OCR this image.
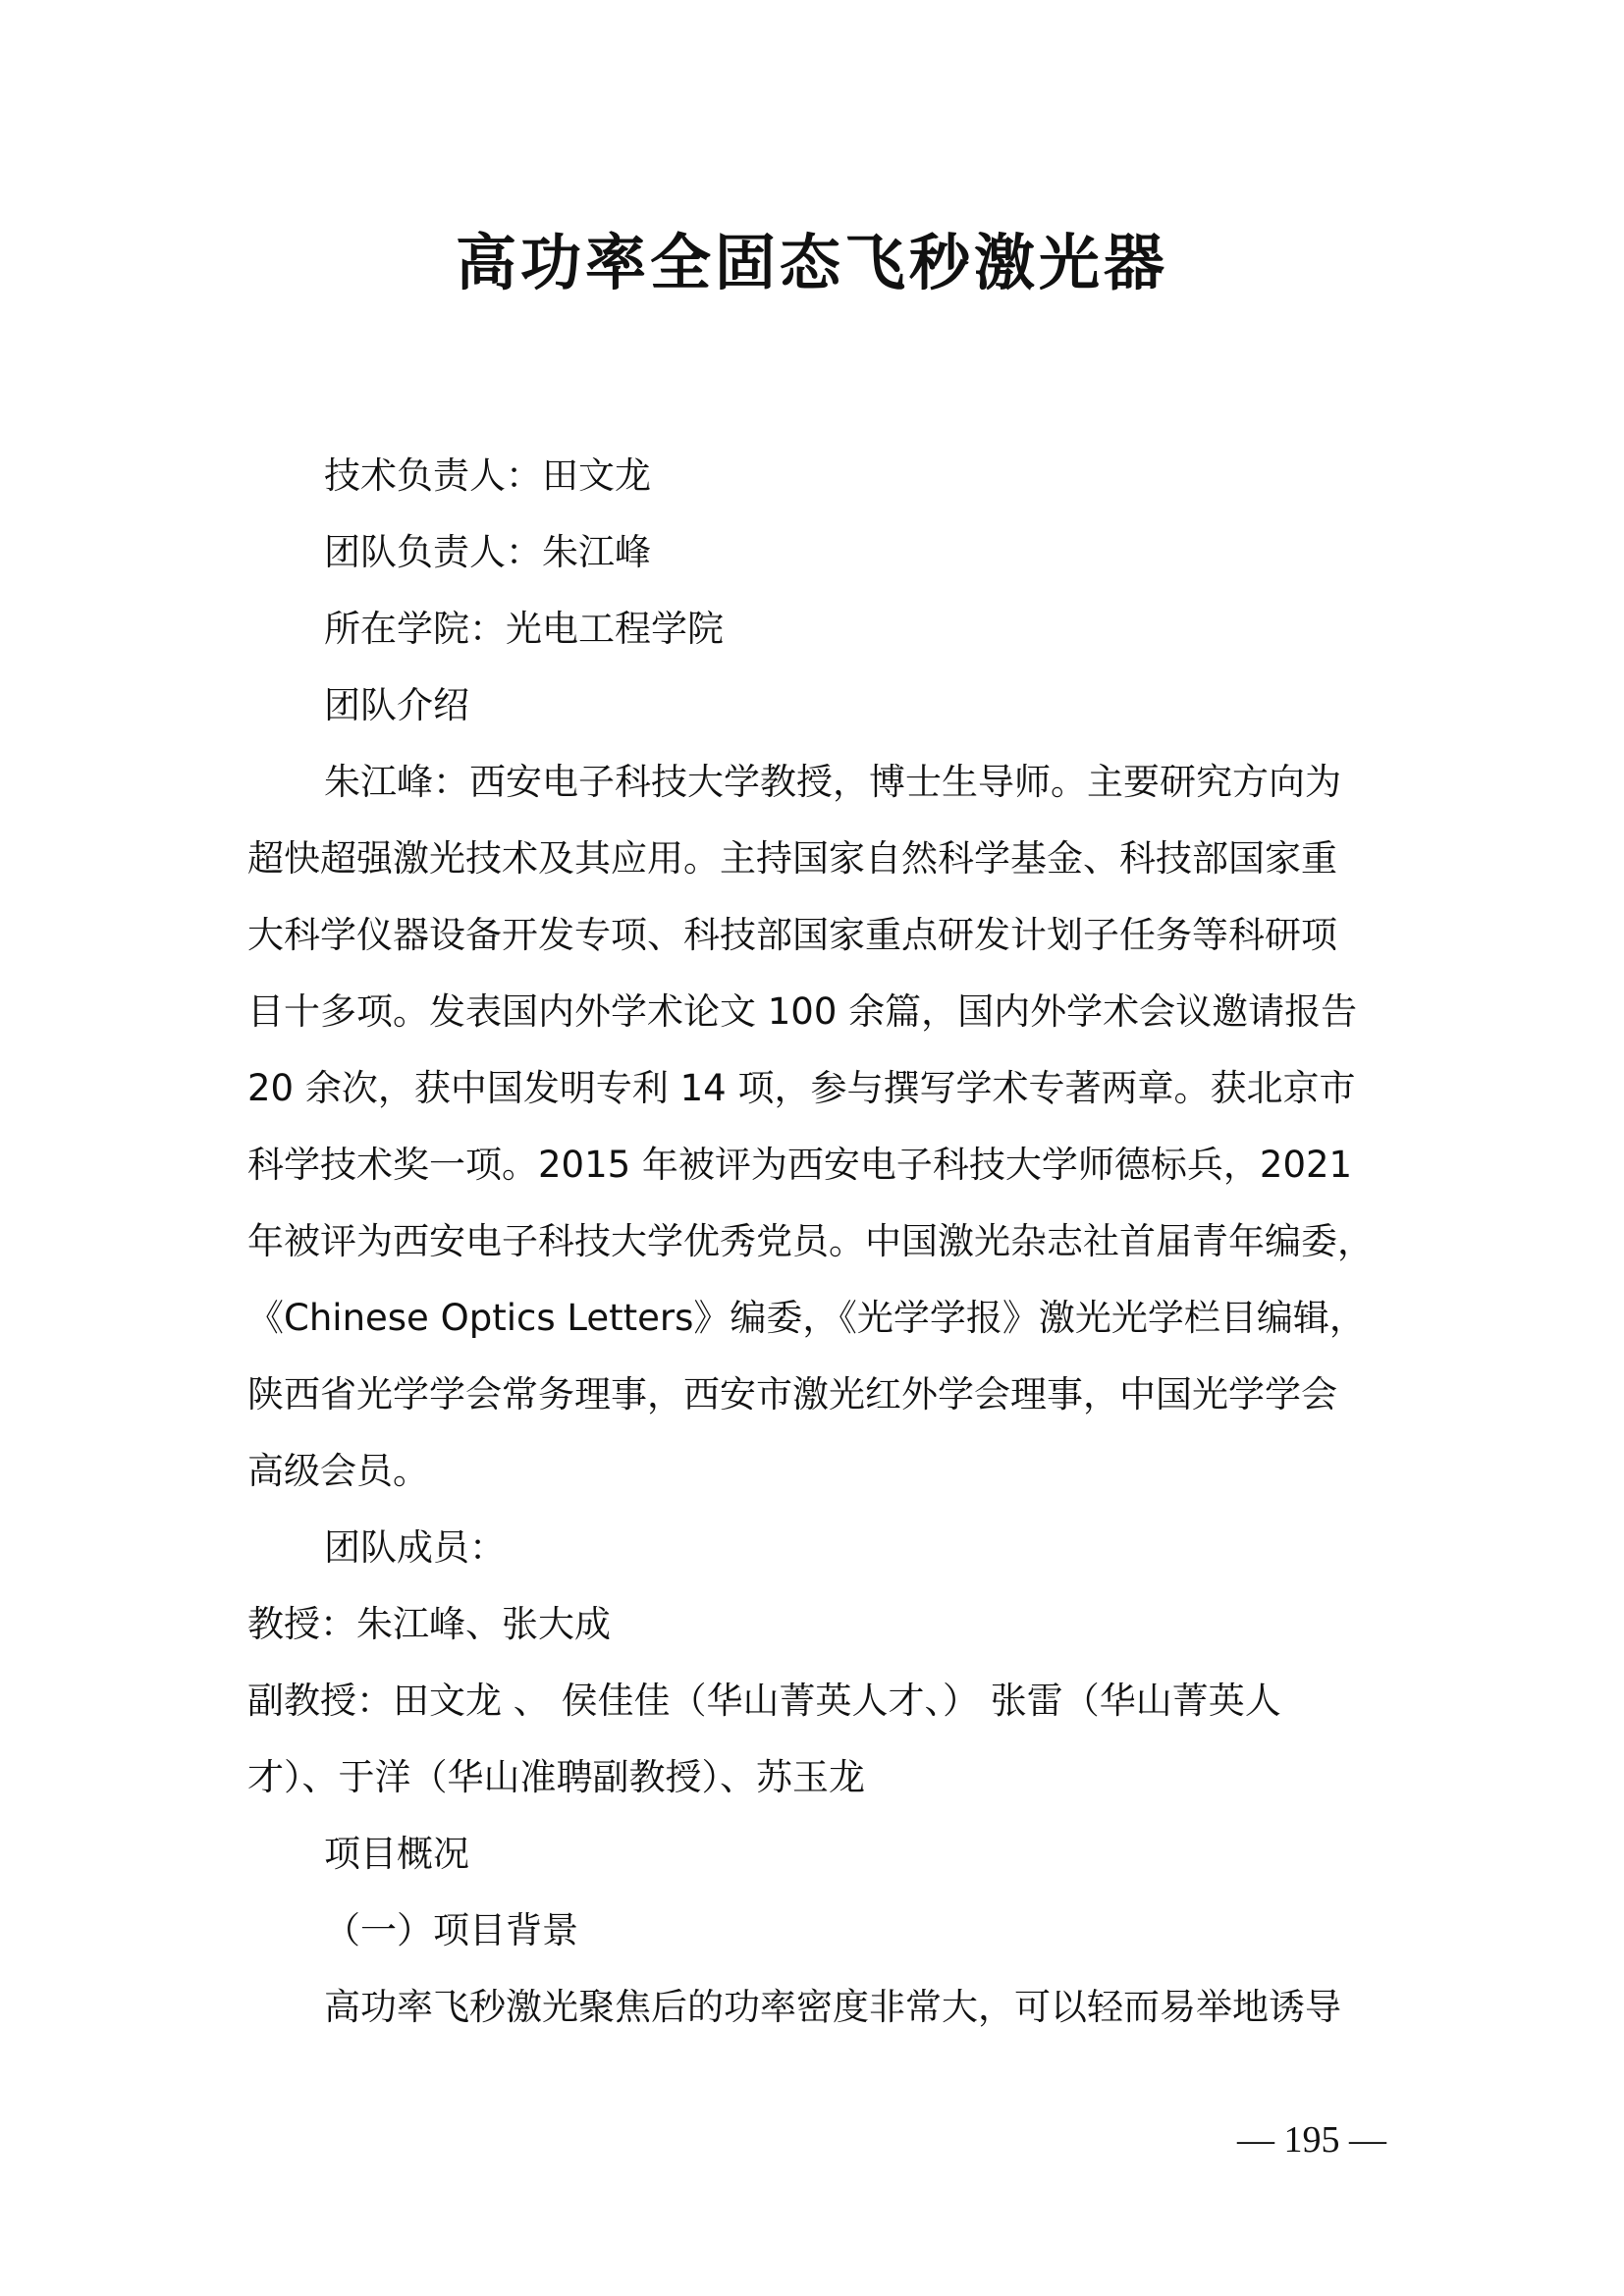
高功率全固态飞秒激光器
技术负责人：田文龙
团队负责人：朱江峰
所在学院：光电工程学院
团队介绍
朱江峰：西安电子科技大学教授，博士生导师。主要研究方向为
超快超强激光技术及其应用。主持国家自然科学基金、科技部国家重
大科学仪器设备开发专项、科技部国家重点研发计划子任务等科研项
目十多项。发表国内外学术论文 100 余篇，国内外学术会议邀请报告
20 余次，获中国发明专利 14 项，参与撰写学术专著两章。获北京市
科学技术奖一项。2015 年被评为西安电子科技大学师德标兵，2021
年被评为西安电子科技大学优秀党员。中国激光杂志社首届青年编委，
《Chinese Optics Letters》编委，《光学学报》激光光学栏目编辑，
陕西省光学学会常务理事，西安市激光红外学会理事，中国光学学会
高级会员。
团队成员：
教授：朱江峰、张大成
副教授：田文龙 、 侯佳佳（华山菁英人才、） 张雷（华山菁英人
才）、于洋（华山准聘副教授）、苏玉龙
项目概况
（一）项目背景
高功率飞秒激光聚焦后的功率密度非常大，可以轻而易举地诱导
— 195 —
